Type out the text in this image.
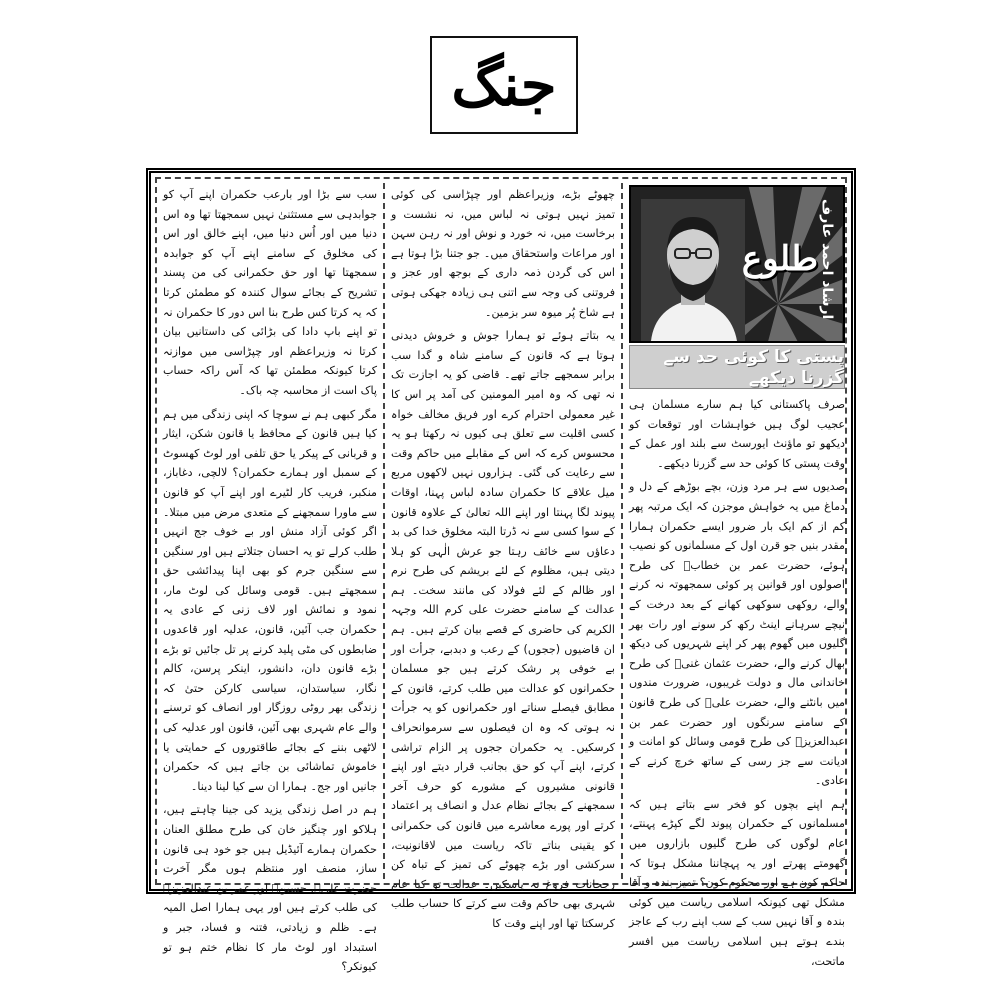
جنگ
طلوع ارشاد احمد عارف
پستی کا کوئی حد سے گزرنا دیکھے

صرف پاکستانی کیا ہم سارے مسلمان ہی عجیب لوگ ہیں خواہشات اور توقعات کو دیکھو تو ماؤنٹ ایورسٹ سے بلند اور عمل کے وقت پستی کا کوئی حد سے گزرنا دیکھے۔

صدیوں سے ہر مرد وزن، بچے بوڑھے کے دل و دماغ میں یہ خواہش موجزن کہ ایک مرتبہ پھر کم از کم ایک بار ضرور ایسے حکمران ہمارا مقدر بنیں جو قرن اول کے مسلمانوں کو نصیب ہوئے، حضرت عمر بن خطابؓ کی طرح اصولوں اور قوانین پر کوئی سمجھوتہ نہ کرنے والے، روکھی سوکھی کھانے کے بعد درخت کے نیچے سرہانے اینٹ رکھ کر سونے اور رات بھر گلیوں میں گھوم پھر کر اپنے شہریوں کی دیکھ بھال کرنے والے، حضرت عثمان غنیؓ کی طرح خاندانی مال و دولت غریبوں، ضرورت مندوں میں بانٹنے والے، حضرت علیؓ کی طرح قانون کے سامنے سرنگوں اور حضرت عمر بن عبدالعزیزؒ کی طرح قومی وسائل کو امانت و دیانت سے جز رسی کے ساتھ خرچ کرنے کے عادی۔

ہم اپنے بچوں کو فخر سے بتاتے ہیں کہ مسلمانوں کے حکمران پیوند لگے کپڑے پہنتے، عام لوگوں کی طرح گلیوں بازاروں میں گھومتے پھرتے اور یہ پہچاننا مشکل ہوتا کہ حاکم کون ہے اور محکوم کون؟ تمیز بندہ و آقا مشکل تھی کیونکہ اسلامی ریاست میں کوئی بندہ و آقا نہیں سب کے سب اپنے رب کے عاجز بندے ہوتے ہیں اسلامی ریاست میں افسر ماتحت،

چھوٹے بڑے، وزیراعظم اور چپڑاسی کی کوئی تمیز نہیں ہوتی نہ لباس میں، نہ نشست و برخاست میں، نہ خورد و نوش اور نہ رہن سہن اور مراعات واستحقاق میں۔ جو جتنا بڑا ہوتا ہے اس کی گردن ذمہ داری کے بوجھ اور عجز و فروتنی کی وجہ سے اتنی ہی زیادہ جھکی ہوتی ہے شاخ پُر میوہ سر بزمین۔

یہ بتاتے ہوئے تو ہمارا جوش و خروش دیدنی ہوتا ہے کہ قانون کے سامنے شاہ و گدا سب برابر سمجھے جاتے تھے۔ قاضی کو یہ اجازت تک نہ تھی کہ وہ امیر المومنین کی آمد پر اس کا غیر معمولی احترام کرے اور فریق مخالف خواہ کسی اقلیت سے تعلق ہی کیوں نہ رکھتا ہو یہ محسوس کرے کہ اس کے مقابلے میں حاکم وقت سے رعایت کی گئی۔ ہزاروں نہیں لاکھوں مربع میل علاقے کا حکمران سادہ لباس پہنا، اوقات پیوند لگا پہنتا اور اپنے اللہ تعالیٰ کے علاوہ قانون کے سوا کسی سے نہ ڈرتا البتہ مخلوق خدا کی بد دعاؤں سے خائف رہتا جو عرش الٰہی کو ہلا دیتی ہیں، مظلوم کے لئے بریشم کی طرح نرم اور ظالم کے لئے فولاد کی مانند سخت۔ ہم عدالت کے سامنے حضرت علی کرم اللہ وجہہ الکریم کی حاضری کے قصے بیان کرتے ہیں۔ ہم ان قاضیوں (ججوں) کے رعب و دبدبے، جرأت اور بے خوفی پر رشک کرتے ہیں جو مسلمان حکمرانوں کو عدالت میں طلب کرتے، قانون کے مطابق فیصلے سناتے اور حکمرانوں کو یہ جرأت نہ ہوتی کہ وہ ان فیصلوں سے سرموانحراف کرسکیں۔ یہ حکمران ججوں پر الزام تراشی کرتے، اپنے آپ کو حق بجانب قرار دیتے اور اپنے قانونی مشیروں کے مشورے کو حرف آخر سمجھنے کے بجائے نظام عدل و انصاف پر اعتماد کرتے اور پورے معاشرے میں قانون کی حکمرانی کو یقینی بناتے تاکہ ریاست میں لاقانونیت، سرکشی اور بڑے چھوٹے کی تمیز کے تباہ کن رجحانات فروغ نہ پاسکیں۔ عدالت تو کیا عام شہری بھی حاکم وقت سے کرتے کا حساب طلب کرسکتا تھا اور اپنے وقت کا

سب سے بڑا اور بارعب حکمران اپنے آپ کو جوابدہی سے مستثنیٰ نہیں سمجھتا تھا وہ اس دنیا میں اور اُس دنیا میں، اپنے خالق اور اس کی مخلوق کے سامنے اپنے آپ کو جوابدہ سمجھتا تھا اور حق حکمرانی کی من پسند تشریح کے بجائے سوال کنندہ کو مطمئن کرتا کہ یہ کرتا کس طرح بنا اس دور کا حکمران نہ تو اپنے باپ دادا کی بڑائی کی داستانیں بیان کرتا نہ وزیراعظم اور چپڑاسی میں موازنہ کرتا کیونکہ مطمئن تھا کہ آس راکہ حساب پاک است از محاسبہ چہ باک۔

مگر کبھی ہم نے سوچا کہ اپنی زندگی میں ہم کیا ہیں قانون کے محافظ یا قانون شکن، ایثار و قربانی کے پیکر یا حق تلفی اور لوٹ کھسوٹ کے سمبل اور ہمارے حکمران؟ لالچی، دغاباز، منکبر، فریب کار لٹیرے اور اپنے آپ کو قانون سے ماورا سمجھنے کے متعدی مرض میں مبتلا۔ اگر کوئی آزاد منش اور بے خوف جج انہیں طلب کرلے تو یہ احسان جتلاتے ہیں اور سنگین سے سنگین جرم کو بھی اپنا پیدائشی حق سمجھتے ہیں۔ قومی وسائل کی لوٹ مار، نمود و نمائش اور لاف زنی کے عادی یہ حکمران جب آئین، قانون، عدلیہ اور قاعدوں ضابطوں کی مٹی پلید کرنے پر تل جائیں تو بڑے بڑے قانون دان، دانشور، اینکر پرسن، کالم نگار، سیاستدان، سیاسی کارکن حتیٰ کہ زندگی بھر روٹی روزگار اور انصاف کو ترسنے والے عام شہری بھی آئین، قانون اور عدلیہ کی لاٹھی بننے کے بجائے طاقتوروں کے حمایتی یا خاموش تماشائی بن جاتے ہیں کہ حکمران جانیں اور جج۔ ہمارا ان سے کیا لینا دینا۔

ہم در اصل زندگی یزید کی جینا چاہتے ہیں، ہلاکو اور چنگیز خان کی طرح مطلق العنان حکمران ہمارے آئیڈیل ہیں جو خود ہی قانون ساز، منصف اور منتظم ہوں مگر آخرت حضرت علیؓ، حسینؓ اور عمر بن عبدالعزیزؒ کی طلب کرتے ہیں اور یہی ہمارا اصل المیہ ہے۔ ظلم و زیادتی، فتنہ و فساد، جبر و استبداد اور لوٹ مار کا نظام ختم ہو تو کیونکر؟
